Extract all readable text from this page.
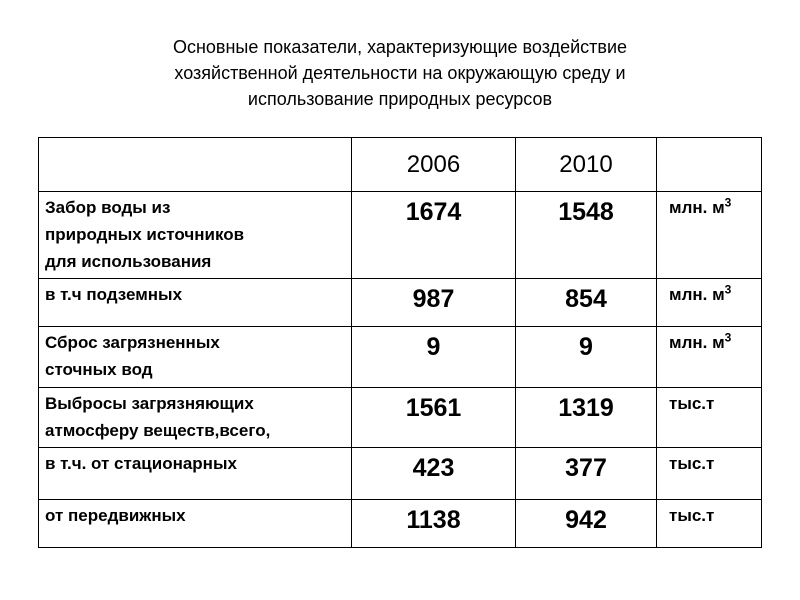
Основные показатели, характеризующие воздействие
хозяйственной деятельности на окружающую среду и
использование природных ресурсов
	2006	2010	

Забор воды из
природных источников
для использования	1674	1548	млн. $м^3$

в т.ч подземных	987	854	млн. $м^3$

Сброс загрязненных
сточных вод	9	9	млн. $м^3$

Выбросы загрязняющих
атмосферу веществ,всего,	1561	1319	тыс.т

в т.ч. от стационарных	423	377	тыс.т

от передвижных	1138	942	тыс.т
